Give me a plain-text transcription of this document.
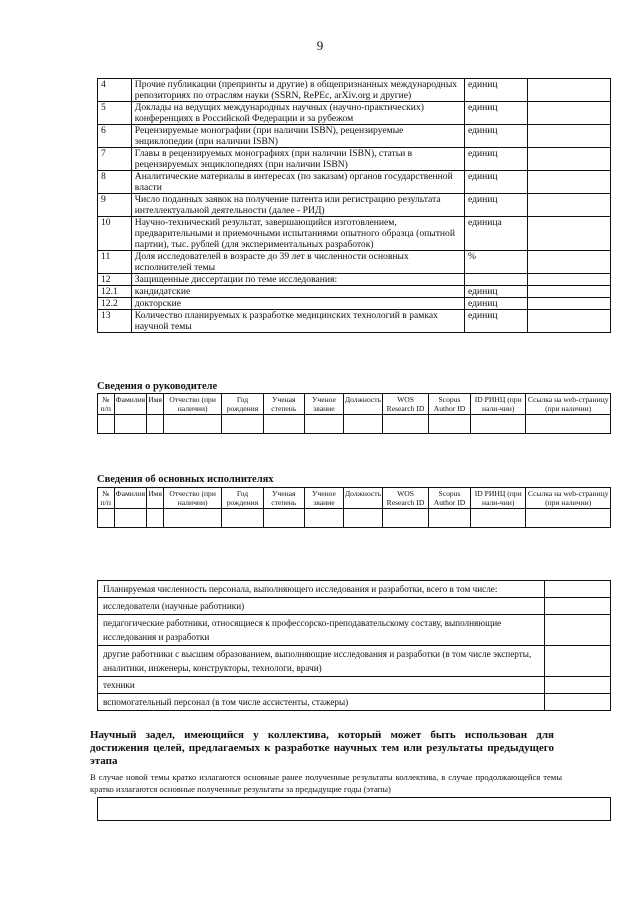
9
4	Прочие публикации (препринты и другие) в общепризнанных международных репозиториях по отраслям науки (SSRN, RePEc, arXiv.org и другие)	единиц	
5	Доклады на ведущих международных научных (научно-практических) конференциях в Российской Федерации и за рубежом	единиц	
6	Рецензируемые монографии (при наличии ISBN), рецензируемые энциклопедии (при наличии ISBN)	единиц	
7	Главы в рецензируемых монографиях (при наличии ISBN), статьи в рецензируемых энциклопедиях (при наличии ISBN)	единиц	
8	Аналитические материалы в интересах (по заказам) органов государственной власти	единиц	
9	Число поданных заявок на получение патента или регистрацию результата интеллектуальной деятельности (далее - РИД)	единиц	
10	Научно-технический результат, завершающийся изготовлением, предварительными и приемочными испытаниями опытного образца (опытной партии), тыс. рублей (для экспериментальных разработок)	единица	
11	Доля исследователей в возрасте до 39 лет в численности основных исполнителей темы	%	
12	Защищенные диссертации по теме исследования:		
12.1	кандидатские	единиц	
12.2	докторские	единиц	
13	Количество планируемых к разработке медицинских технологий в рамках научной темы	единиц	
Сведения о руководителе
№ п/п	Фамилия	Имя	Отчество (при наличии)	Год рождения	Ученая степень	Ученое звание	Должность	WOS Research ID	Scopus Author ID	ID РИНЦ (при нали-чии)	Ссылка на web-страницу (при наличии)

Сведения об основных исполнителях
№ п/п	Фамилия	Имя	Отчество (при наличии)	Год рождения	Ученая степень	Ученое звание	Должность	WOS Research ID	Scopus Author ID	ID РИНЦ (при нали-чии)	Ссылка на web-страницу (при наличии)

Планируемая численность персонала, выполняющего исследования и разработки, всего в том числе:	
исследователи (научные работники)	
педагогические работники, относящиеся к профессорско-преподавательскому составу, выполняющие исследования и разработки	
другие работники с высшим образованием, выполняющие исследования и разработки (в том числе эксперты, аналитики, инженеры, конструкторы, технологи, врачи)	
техники	
вспомогательный персонал (в том числе ассистенты, стажеры)	
Научный задел, имеющийся у коллектива, который может быть использован для достижения целей, предлагаемых к разработке научных тем или результаты предыдущего этапа
В случае новой темы кратко излагаются основные ранее полученные результаты коллектива, в случае продолжающейся темы кратко излагаются основные полученные результаты за предыдущие годы (этапы)
